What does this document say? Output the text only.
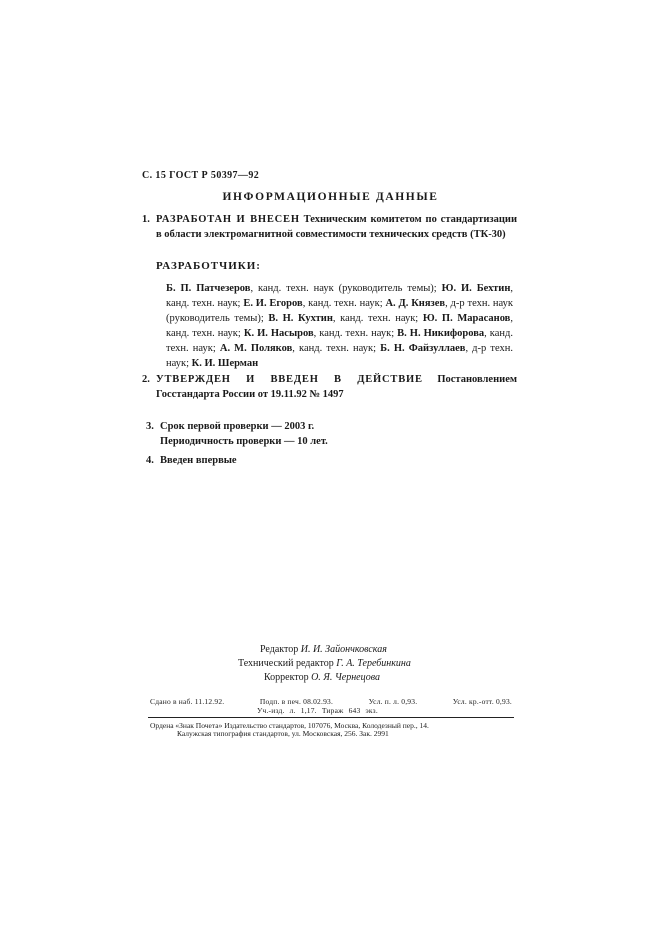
С. 15 ГОСТ Р 50397—92
ИНФОРМАЦИОННЫЕ ДАННЫЕ
1. РАЗРАБОТАН И ВНЕСЕН Техническим комитетом по стандартизации в области электромагнитной совместимости технических средств (ТК-30)
РАЗРАБОТЧИКИ:
Б. П. Патчезеров, канд. техн. наук (руководитель темы); Ю. И. Бехтин, канд. техн. наук; Е. И. Егоров, канд. техн. наук; А. Д. Князев, д-р техн. наук (руководитель темы); В. Н. Кухтин, канд. техн. наук; Ю. П. Марасанов, канд. техн. наук; К. И. Насыров, канд. техн. наук; В. Н. Никифорова, канд. техн. наук; А. М. Поляков, канд. техн. наук; Б. Н. Файзуллаев, д-р техн. наук; К. И. Шерман
2. УТВЕРЖДЕН И ВВЕДЕН В ДЕЙСТВИЕ Постановлением Госстандарта России от 19.11.92 № 1497
3. Срок первой проверки — 2003 г.
Периодичность проверки — 10 лет.
4. Введен впервые
Редактор И. И. Зайончковская
Технический редактор Г. А. Теребинкина
Корректор О. Я. Чернецова
Сдано в наб. 11.12.92.	Подп. в печ. 08.02.93.	Усл. п. л. 0,93.	Усл. кр.-отт. 0,93.
Уч.-изд. л. 1,17. Тираж 643 экз.
Ордена «Знак Почета» Издательство стандартов, 107076, Москва, Колодезный пер., 14.
Калужская типография стандартов, ул. Московская, 256. Зак. 2991
